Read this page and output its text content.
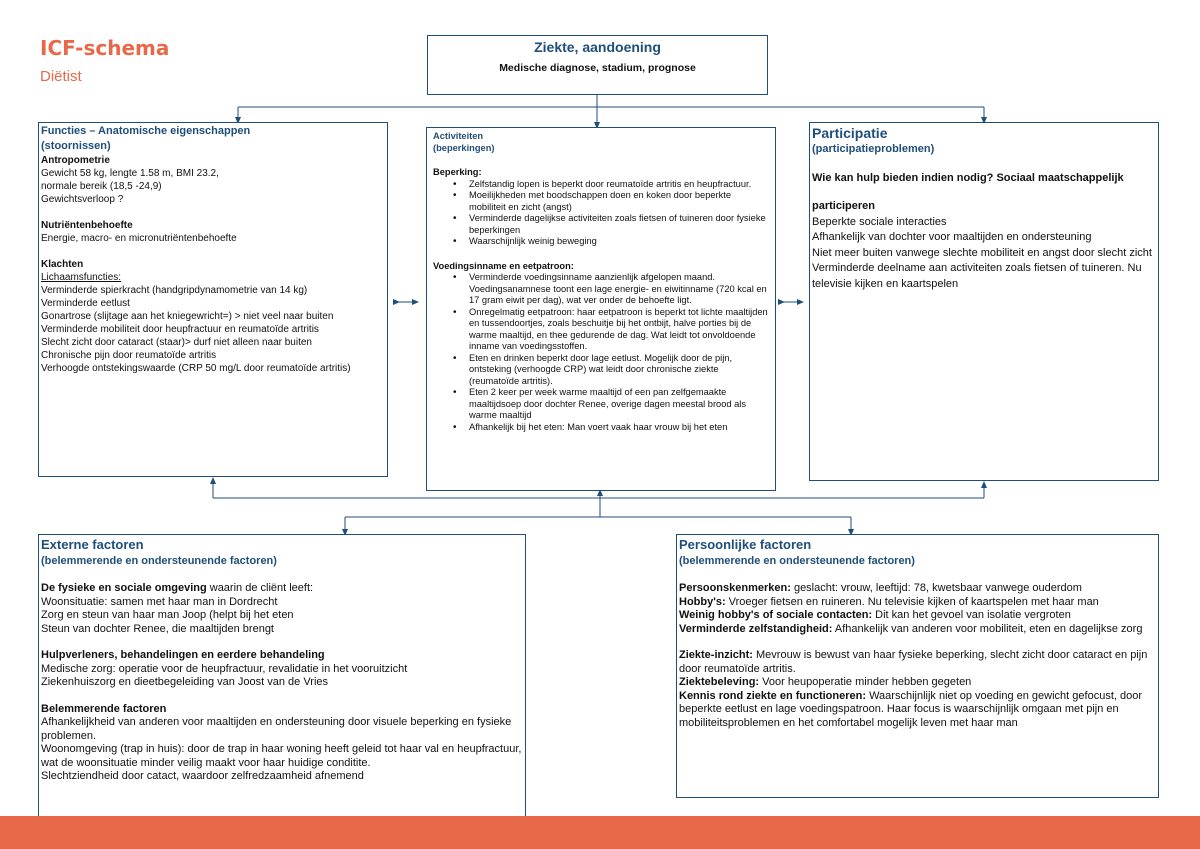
ICF-schema
Diëtist
Ziekte, aandoening
Medische diagnose, stadium, prognose

Functies – Anatomische eigenschappen

(stoornissen)

Antropometrie

Gewicht 58 kg, lengte 1.58 m, BMI 23.2,

normale bereik (18,5 -24,9)

Gewichtsverloop ?

Nutriëntenbehoefte

Energie, macro- en micronutriëntenbehoefte

Klachten

Lichaamsfuncties:

Verminderde spierkracht (handgripdynamometrie van 14 kg)

Verminderde eetlust

Gonartrose (slijtage aan het kniegewricht=) > niet veel naar buiten

Verminderde mobiliteit door heupfractuur en reumatoïde artritis

Slecht zicht door cataract (staar)> durf niet alleen naar buiten

Chronische pijn door reumatoïde artritis

Verhoogde ontstekingswaarde (CRP 50 mg/L door reumatoïde artritis)

Activiteiten

(beperkingen)

Beperking:

• Zelfstandig lopen is beperkt door reumatoïde artritis en heupfractuur.
• Moeilijkheden met boodschappen doen en koken door beperkte mobiliteit en zicht (angst)
• Verminderde dagelijkse activiteiten zoals fietsen of tuineren door fysieke beperkingen
• Waarschijnlijk weinig beweging

Voedingsinname en eetpatroon:

• Verminderde voedingsinname aanzienlijk afgelopen maand. Voedingsanamnese toont een lage energie- en eiwitinname (720 kcal en 17 gram eiwit per dag), wat ver onder de behoefte ligt.
• Onregelmatig eetpatroon: haar eetpatroon is beperkt tot lichte maaltijden en tussendoortjes, zoals beschuitje bij het ontbijt, halve porties bij de warme maaltijd, en thee gedurende de dag. Wat leidt tot onvoldoende inname van voedingsstoffen.
• Eten en drinken beperkt door lage eetlust. Mogelijk door de pijn, ontsteking (verhoogde CRP) wat leidt door chronische ziekte (reumatoïde artritis).
• Eten 2 keer per week warme maaltijd of een pan zelfgemaakte maaltijdsoep door dochter Renee, overige dagen meestal brood als warme maaltijd
• Afhankelijk bij het eten: Man voert vaak haar vrouw bij het eten

Participatie

(participatieproblemen)

Wie kan hulp bieden indien nodig? Sociaal maatschappelijk

participeren

Beperkte sociale interacties

Afhankelijk van dochter voor maaltijden en ondersteuning

Niet meer buiten vanwege slechte mobiliteit en angst door slecht zicht

Verminderde deelname aan activiteiten zoals fietsen of tuineren. Nu televisie kijken en kaartspelen

Externe factoren

(belemmerende en ondersteunende factoren)

De fysieke en sociale omgeving waarin de cliënt leeft:

Woonsituatie: samen met haar man in Dordrecht

Zorg en steun van haar man Joop (helpt bij het eten

Steun van dochter Renee, die maaltijden brengt

Hulpverleners, behandelingen en eerdere behandeling

Medische zorg: operatie voor de heupfractuur, revalidatie in het vooruitzicht

Ziekenhuiszorg en dieetbegeleiding van Joost van de Vries

Belemmerende factoren

Afhankelijkheid van anderen voor maaltijden en ondersteuning door visuele beperking en fysieke problemen.

Woonomgeving (trap in huis): door de trap in haar woning heeft geleid tot haar val en heupfractuur, wat de woonsituatie minder veilig maakt voor haar huidige conditite.

Slechtziendheid door catact, waardoor zelfredzaamheid afnemend

Persoonlijke factoren

(belemmerende en ondersteunende factoren)

Persoonskenmerken: geslacht: vrouw, leeftijd: 78, kwetsbaar vanwege ouderdom

Hobby's: Vroeger fietsen en ruineren. Nu televisie kijken of kaartspelen met haar man

Weinig hobby's of sociale contacten: Dit kan het gevoel van isolatie vergroten

Verminderde zelfstandigheid: Afhankelijk van anderen voor mobiliteit, eten en dagelijkse zorg

Ziekte-inzicht: Mevrouw is bewust van haar fysieke beperking, slecht zicht door cataract en pijn door reumatoïde artritis.

Ziektebeleving: Voor heupoperatie minder hebben gegeten

Kennis rond ziekte en functioneren: Waarschijnlijk niet op voeding en gewicht gefocust, door beperkte eetlust en lage voedingspatroon. Haar focus is waarschijnlijk omgaan met pijn en mobiliteitsproblemen en het comfortabel mogelijk leven met haar man
